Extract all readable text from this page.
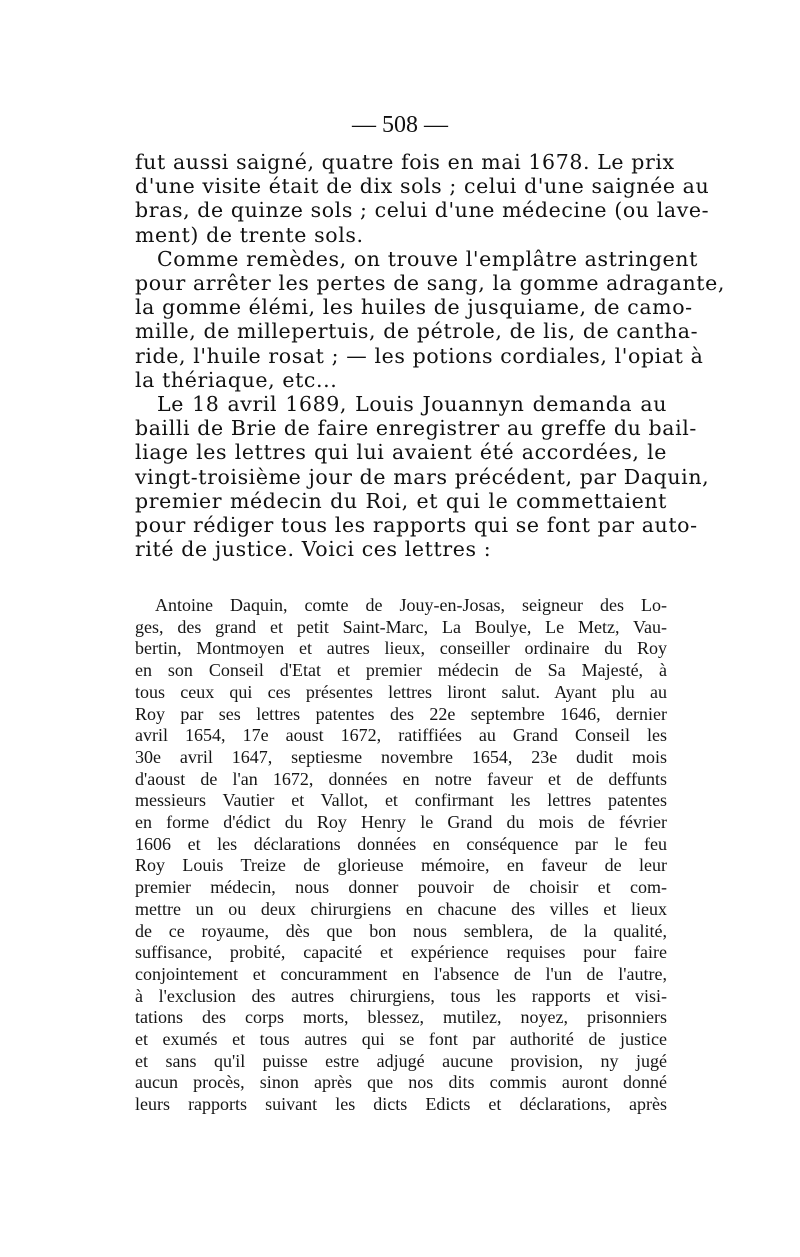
— 508 —
fut aussi saigné, quatre fois en mai 1678. Le prix
d'une visite était de dix sols ; celui d'une saignée au
bras, de quinze sols ; celui d'une médecine (ou lave-
ment) de trente sols.
Comme remèdes, on trouve l'emplâtre astringent
pour arrêter les pertes de sang, la gomme adragante,
la gomme élémi, les huiles de jusquiame, de camo-
mille, de millepertuis, de pétrole, de lis, de cantha-
ride, l'huile rosat ; — les potions cordiales, l'opiat à
la thériaque, etc...
Le 18 avril 1689, Louis Jouannyn demanda au
bailli de Brie de faire enregistrer au greffe du bail-
liage les lettres qui lui avaient été accordées, le
vingt-troisième jour de mars précédent, par Daquin,
premier médecin du Roi, et qui le commettaient
pour rédiger tous les rapports qui se font par auto-
rité de justice. Voici ces lettres :
Antoine Daquin, comte de Jouy-en-Josas, seigneur des Lo-
ges, des grand et petit Saint-Marc, La Boulye, Le Metz, Vau-
bertin, Montmoyen et autres lieux, conseiller ordinaire du Roy
en son Conseil d'Etat et premier médecin de Sa Majesté, à
tous ceux qui ces présentes lettres liront salut. Ayant plu au
Roy par ses lettres patentes des 22e septembre 1646, dernier
avril 1654, 17e aoust 1672, ratiffiées au Grand Conseil les
30e avril 1647, septiesme novembre 1654, 23e dudit mois
d'aoust de l'an 1672, données en notre faveur et de deffunts
messieurs Vautier et Vallot, et confirmant les lettres patentes
en forme d'édict du Roy Henry le Grand du mois de février
1606 et les déclarations données en conséquence par le feu
Roy Louis Treize de glorieuse mémoire, en faveur de leur
premier médecin, nous donner pouvoir de choisir et com-
mettre un ou deux chirurgiens en chacune des villes et lieux
de ce royaume, dès que bon nous semblera, de la qualité,
suffisance, probité, capacité et expérience requises pour faire
conjointement et concuramment en l'absence de l'un de l'autre,
à l'exclusion des autres chirurgiens, tous les rapports et visi-
tations des corps morts, blessez, mutilez, noyez, prisonniers
et exumés et tous autres qui se font par authorité de justice
et sans qu'il puisse estre adjugé aucune provision, ny jugé
aucun procès, sinon après que nos dits commis auront donné
leurs rapports suivant les dicts Edicts et déclarations, après
